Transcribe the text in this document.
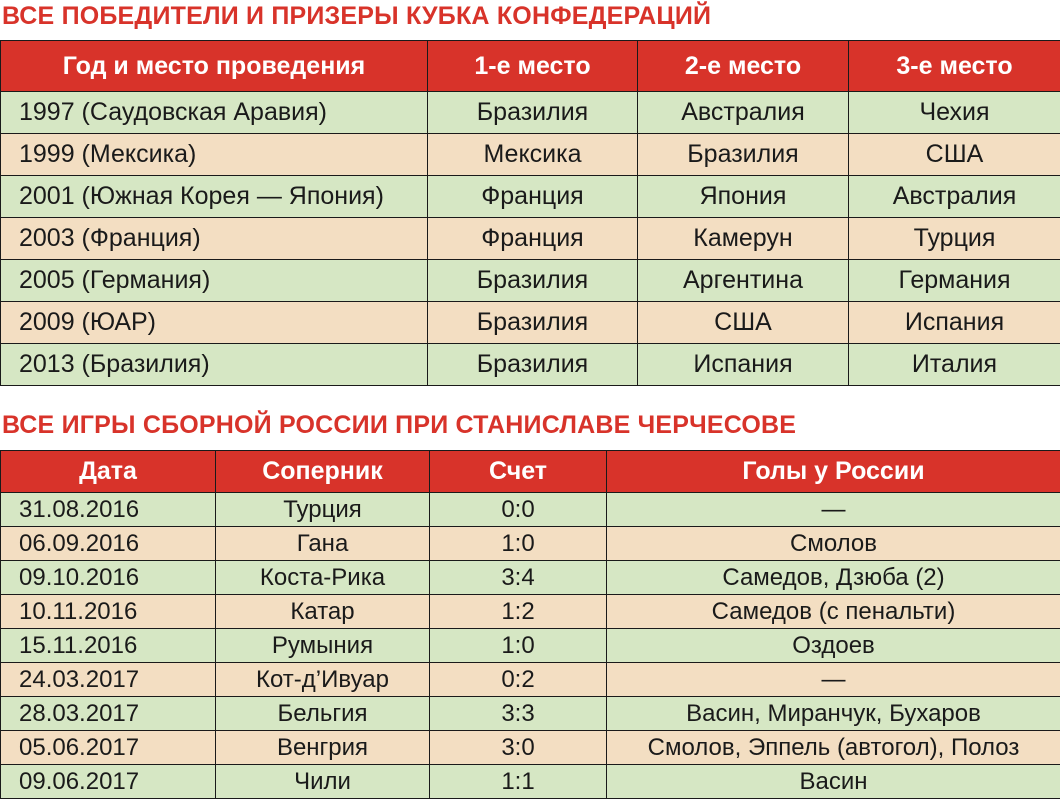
ВСЕ ПОБЕДИТЕЛИ И ПРИЗЕРЫ КУБКА КОНФЕДЕРАЦИЙ
Год и место проведения	1-е место	2-е место	3-е место
1997 (Саудовская Аравия)	Бразилия	Австралия	Чехия
1999 (Мексика)	Мексика	Бразилия	США
2001 (Южная Корея — Япония)	Франция	Япония	Австралия
2003 (Франция)	Франция	Камерун	Турция
2005 (Германия)	Бразилия	Аргентина	Германия
2009 (ЮАР)	Бразилия	США	Испания
2013 (Бразилия)	Бразилия	Испания	Италия
ВСЕ ИГРЫ СБОРНОЙ РОССИИ ПРИ СТАНИСЛАВЕ ЧЕРЧЕСОВЕ
Дата	Соперник	Счет	Голы у России
31.08.2016	Турция	0:0	—
06.09.2016	Гана	1:0	Смолов
09.10.2016	Коста-Рика	3:4	Самедов, Дзюба (2)
10.11.2016	Катар	1:2	Самедов (с пенальти)
15.11.2016	Румыния	1:0	Оздоев
24.03.2017	Кот-д’Ивуар	0:2	—
28.03.2017	Бельгия	3:3	Васин, Миранчук, Бухаров
05.06.2017	Венгрия	3:0	Смолов, Эппель (автогол), Полоз
09.06.2017	Чили	1:1	Васин
